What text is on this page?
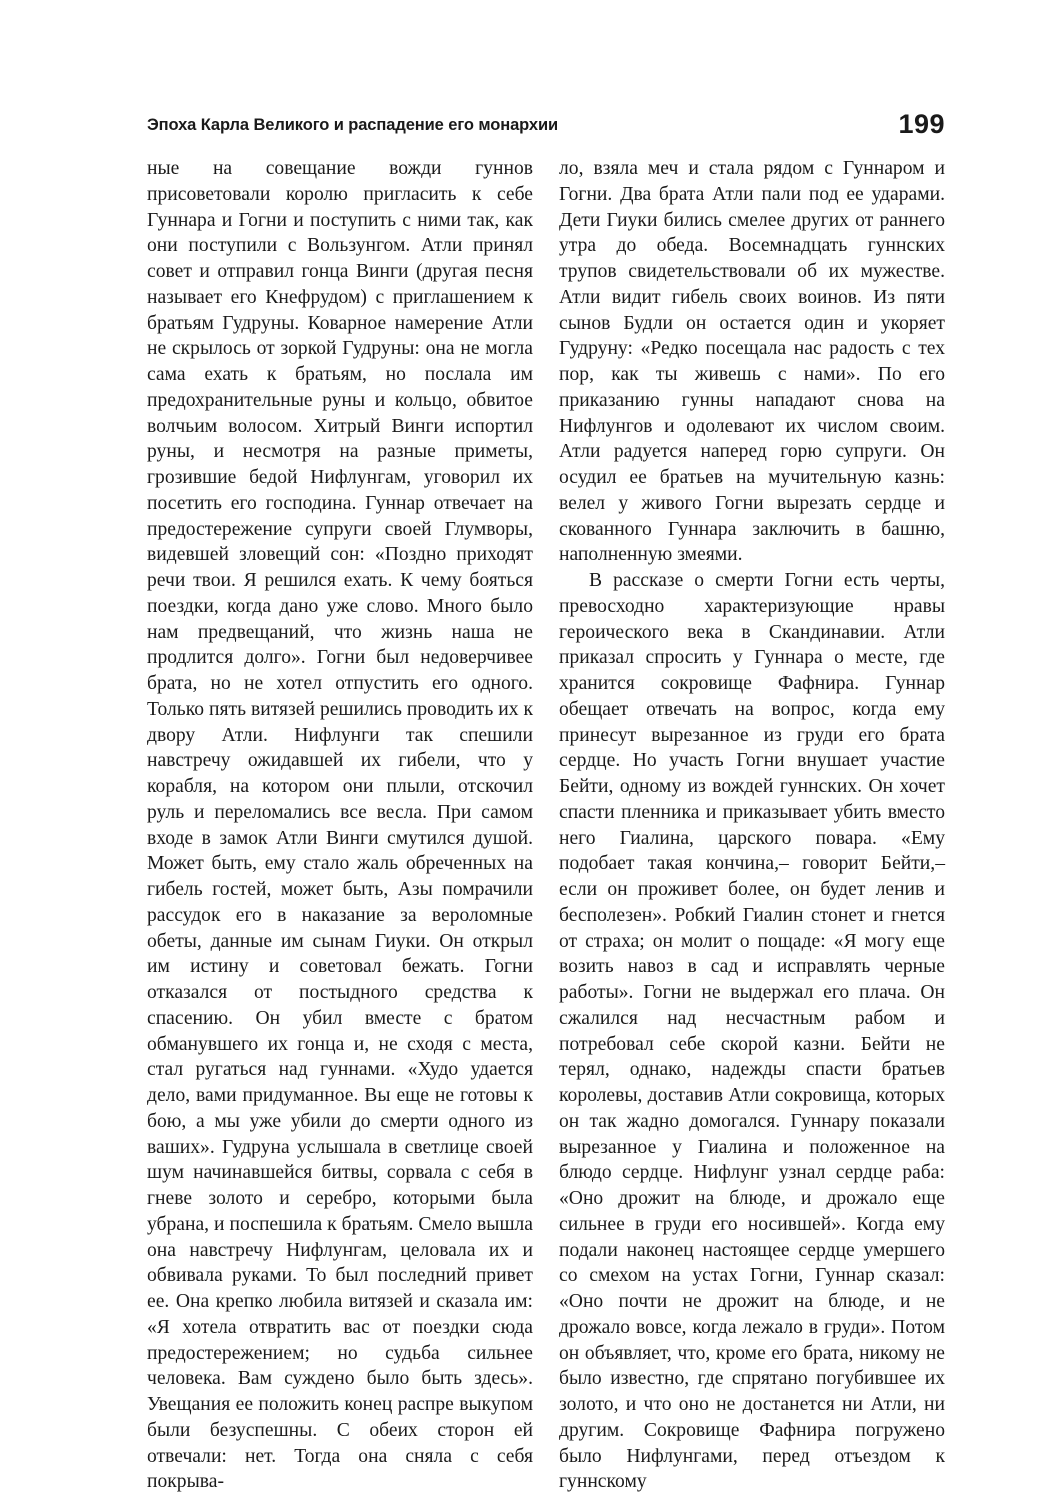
Эпоха Карла Великого и распадение его монархии	199

ные на совещание вожди гуннов присоветовали королю пригласить к себе Гуннара и Гогни и поступить с ними так, как они поступили с Вользунгом. Атли принял совет и отправил гонца Винги (другая песня называет его Кнефрудом) с приглашением к братьям Гудруны. Коварное намерение Атли не скрылось от зоркой Гудруны: она не могла сама ехать к братьям, но послала им предохранительные руны и кольцо, обвитое волчьим волосом. Хитрый Винги испортил руны, и несмотря на разные приметы, грозившие бедой Нифлунгам, уговорил их посетить его господина. Гуннар отвечает на предостережение супруги своей Глумворы, видевшей зловещий сон: «Поздно приходят речи твои. Я решился ехать. К чему бояться поездки, когда дано уже слово. Много было нам предвещаний, что жизнь наша не продлится долго». Гогни был недоверчивее брата, но не хотел отпустить его одного. Только пять витязей решились проводить их к двору Атли. Нифлунги так спешили навстречу ожидавшей их гибели, что у корабля, на котором они плыли, отскочил руль и переломались все весла. При самом входе в замок Атли Винги смутился душой. Может быть, ему стало жаль обреченных на гибель гостей, может быть, Азы помрачили рассудок его в наказание за вероломные обеты, данные им сынам Гиуки. Он открыл им истину и советовал бежать. Гогни отказался от постыдного средства к спасению. Он убил вместе с братом обманувшего их гонца и, не сходя с места, стал ругаться над гуннами. «Худо удается дело, вами придуманное. Вы еще не готовы к бою, а мы уже убили до смерти одного из ваших». Гудруна услышала в светлице своей шум начинавшейся битвы, сорвала с себя в гневе золото и серебро, которыми была убрана, и поспешила к братьям. Смело вышла она навстречу Нифлунгам, целовала их и обвивала руками. То был последний привет ее. Она крепко любила витязей и сказала им: «Я хотела отвратить вас от поездки сюда предостережением; но судьба сильнее человека. Вам суждено было быть здесь». Увещания ее положить конец распре выкупом были безуспешны. С обеих сторон ей отвечали: нет. Тогда она сняла с себя покрыва-

ло, взяла меч и стала рядом с Гуннаром и Гогни. Два брата Атли пали под ее ударами. Дети Гиуки бились смелее других от раннего утра до обеда. Восемнадцать гуннских трупов свидетельствовали об их мужестве. Атли видит гибель своих воинов. Из пяти сынов Будли он остается один и укоряет Гудруну: «Редко посещала нас радость с тех пор, как ты живешь с нами». По его приказанию гунны нападают снова на Нифлунгов и одолевают их числом своим. Атли радуется наперед горю супруги. Он осудил ее братьев на мучительную казнь: велел у живого Гогни вырезать сердце и скованного Гуннара заключить в башню, наполненную змеями.

В рассказе о смерти Гогни есть черты, превосходно характеризующие нравы героического века в Скандинавии. Атли приказал спросить у Гуннара о месте, где хранится сокровище Фафнира. Гуннар обещает отвечать на вопрос, когда ему принесут вырезанное из груди его брата сердце. Но участь Гогни внушает участие Бейти, одному из вождей гуннских. Он хочет спасти пленника и приказывает убить вместо него Гиалина, царского повара. «Ему подобает такая кончина,– говорит Бейти,– если он проживет более, он будет ленив и бесполезен». Робкий Гиалин стонет и гнется от страха; он молит о пощаде: «Я могу еще возить навоз в сад и исправлять черные работы». Гогни не выдержал его плача. Он сжалился над несчастным рабом и потребовал себе скорой казни. Бейти не терял, однако, надежды спасти братьев королевы, доставив Атли сокровища, которых он так жадно домогался. Гуннару показали вырезанное у Гиалина и положенное на блюдо сердце. Нифлунг узнал сердце раба: «Оно дрожит на блюде, и дрожало еще сильнее в груди его носившей». Когда ему подали наконец настоящее сердце умершего со смехом на устах Гогни, Гуннар сказал: «Оно почти не дрожит на блюде, и не дрожало вовсе, когда лежало в груди». Потом он объявляет, что, кроме его брата, никому не было известно, где спрятано погубившее их золото, и что оно не достанется ни Атли, ни другим. Сокровище Фафнира погружено было Нифлунгами, перед отъездом к гуннскому
